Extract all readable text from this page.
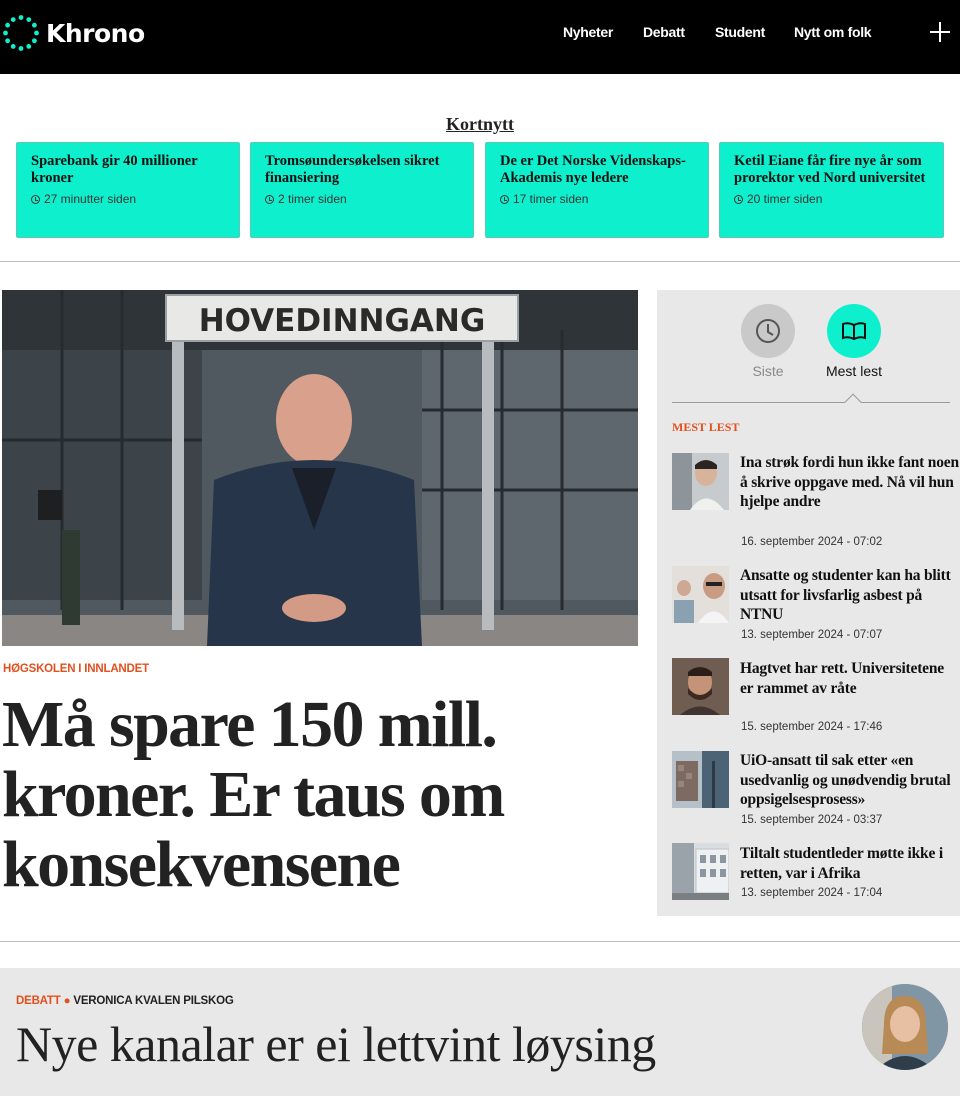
Khrono	Nyheter Debatt Student Nytt om folk
Kortnytt
Sparebank gir 40 millioner kroner
27 minutter siden
Tromsøundersøkelsen sikret finansiering
2 timer siden
De er Det Norske Videnskaps-Akademis nye ledere
17 timer siden
Ketil Eiane får fire nye år som prorektor ved Nord universitet
20 timer siden
HOVEDINNGANG
HØGSKOLEN I INNLANDET
Må spare 150 mill. kroner. Er taus om konsekvensene
Siste	Mest lest
MEST LEST
Ina strøk fordi hun ikke fant noen å skrive oppgave med. Nå vil hun hjelpe andre
16. september 2024 - 07:02
Ansatte og studenter kan ha blitt utsatt for livsfarlig asbest på NTNU
13. september 2024 - 07:07
Hagtvet har rett. Universitetene er rammet av råte
15. september 2024 - 17:46
UiO-ansatt til sak etter «en usedvanlig og unødvendig brutal oppsigelsesprosess»
15. september 2024 - 03:37
Tiltalt studentleder møtte ikke i retten, var i Afrika
13. september 2024 - 17:04
DEBATT ● VERONICA KVALEN PILSKOG
Nye kanalar er ei lettvint løysing
